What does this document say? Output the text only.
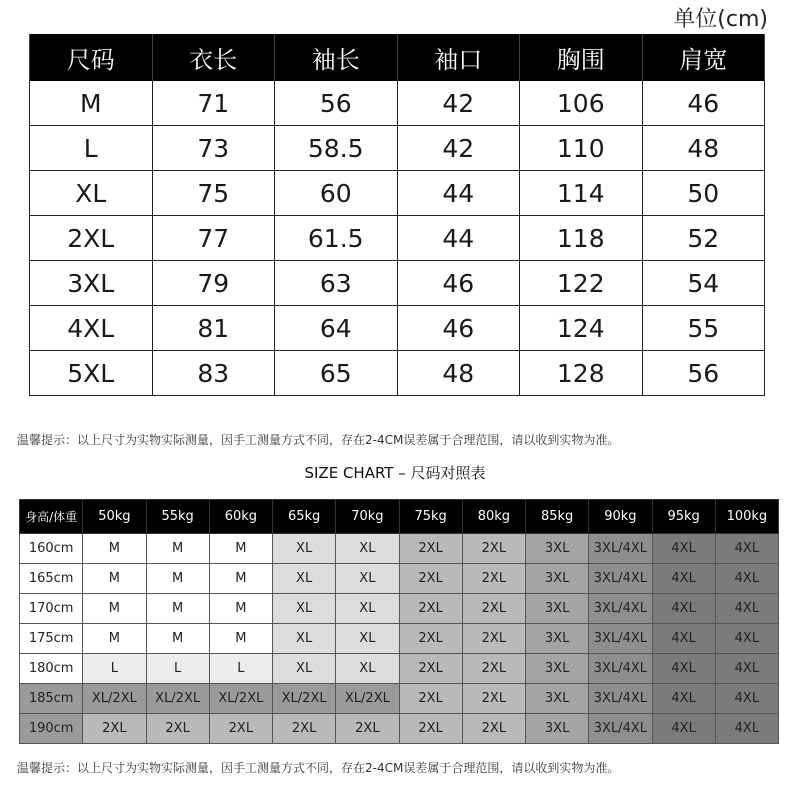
单位(cm)
尺码	衣长	袖长	袖口	胸围	肩宽
M	71	56	42	106	46
L	73	58.5	42	110	48
XL	75	60	44	114	50
2XL	77	61.5	44	118	52
3XL	79	63	46	122	54
4XL	81	64	46	124	55
5XL	83	65	48	128	56
温馨提示：以上尺寸为实物实际测量，因手工测量方式不同，存在2-4CM误差属于合理范围，请以收到实物为准。
SIZE CHART – 尺码对照表
身高/体重	50kg	55kg	60kg	65kg	70kg	75kg	80kg	85kg	90kg	95kg	100kg
160cm	M	M	M	XL	XL	2XL	2XL	3XL	3XL/4XL	4XL	4XL
165cm	M	M	M	XL	XL	2XL	2XL	3XL	3XL/4XL	4XL	4XL
170cm	M	M	M	XL	XL	2XL	2XL	3XL	3XL/4XL	4XL	4XL
175cm	M	M	M	XL	XL	2XL	2XL	3XL	3XL/4XL	4XL	4XL
180cm	L	L	L	XL	XL	2XL	2XL	3XL	3XL/4XL	4XL	4XL
185cm	XL/2XL	XL/2XL	XL/2XL	XL/2XL	XL/2XL	2XL	2XL	3XL	3XL/4XL	4XL	4XL
190cm	2XL	2XL	2XL	2XL	2XL	2XL	2XL	3XL	3XL/4XL	4XL	4XL
温馨提示：以上尺寸为实物实际测量，因手工测量方式不同，存在2-4CM误差属于合理范围，请以收到实物为准。
